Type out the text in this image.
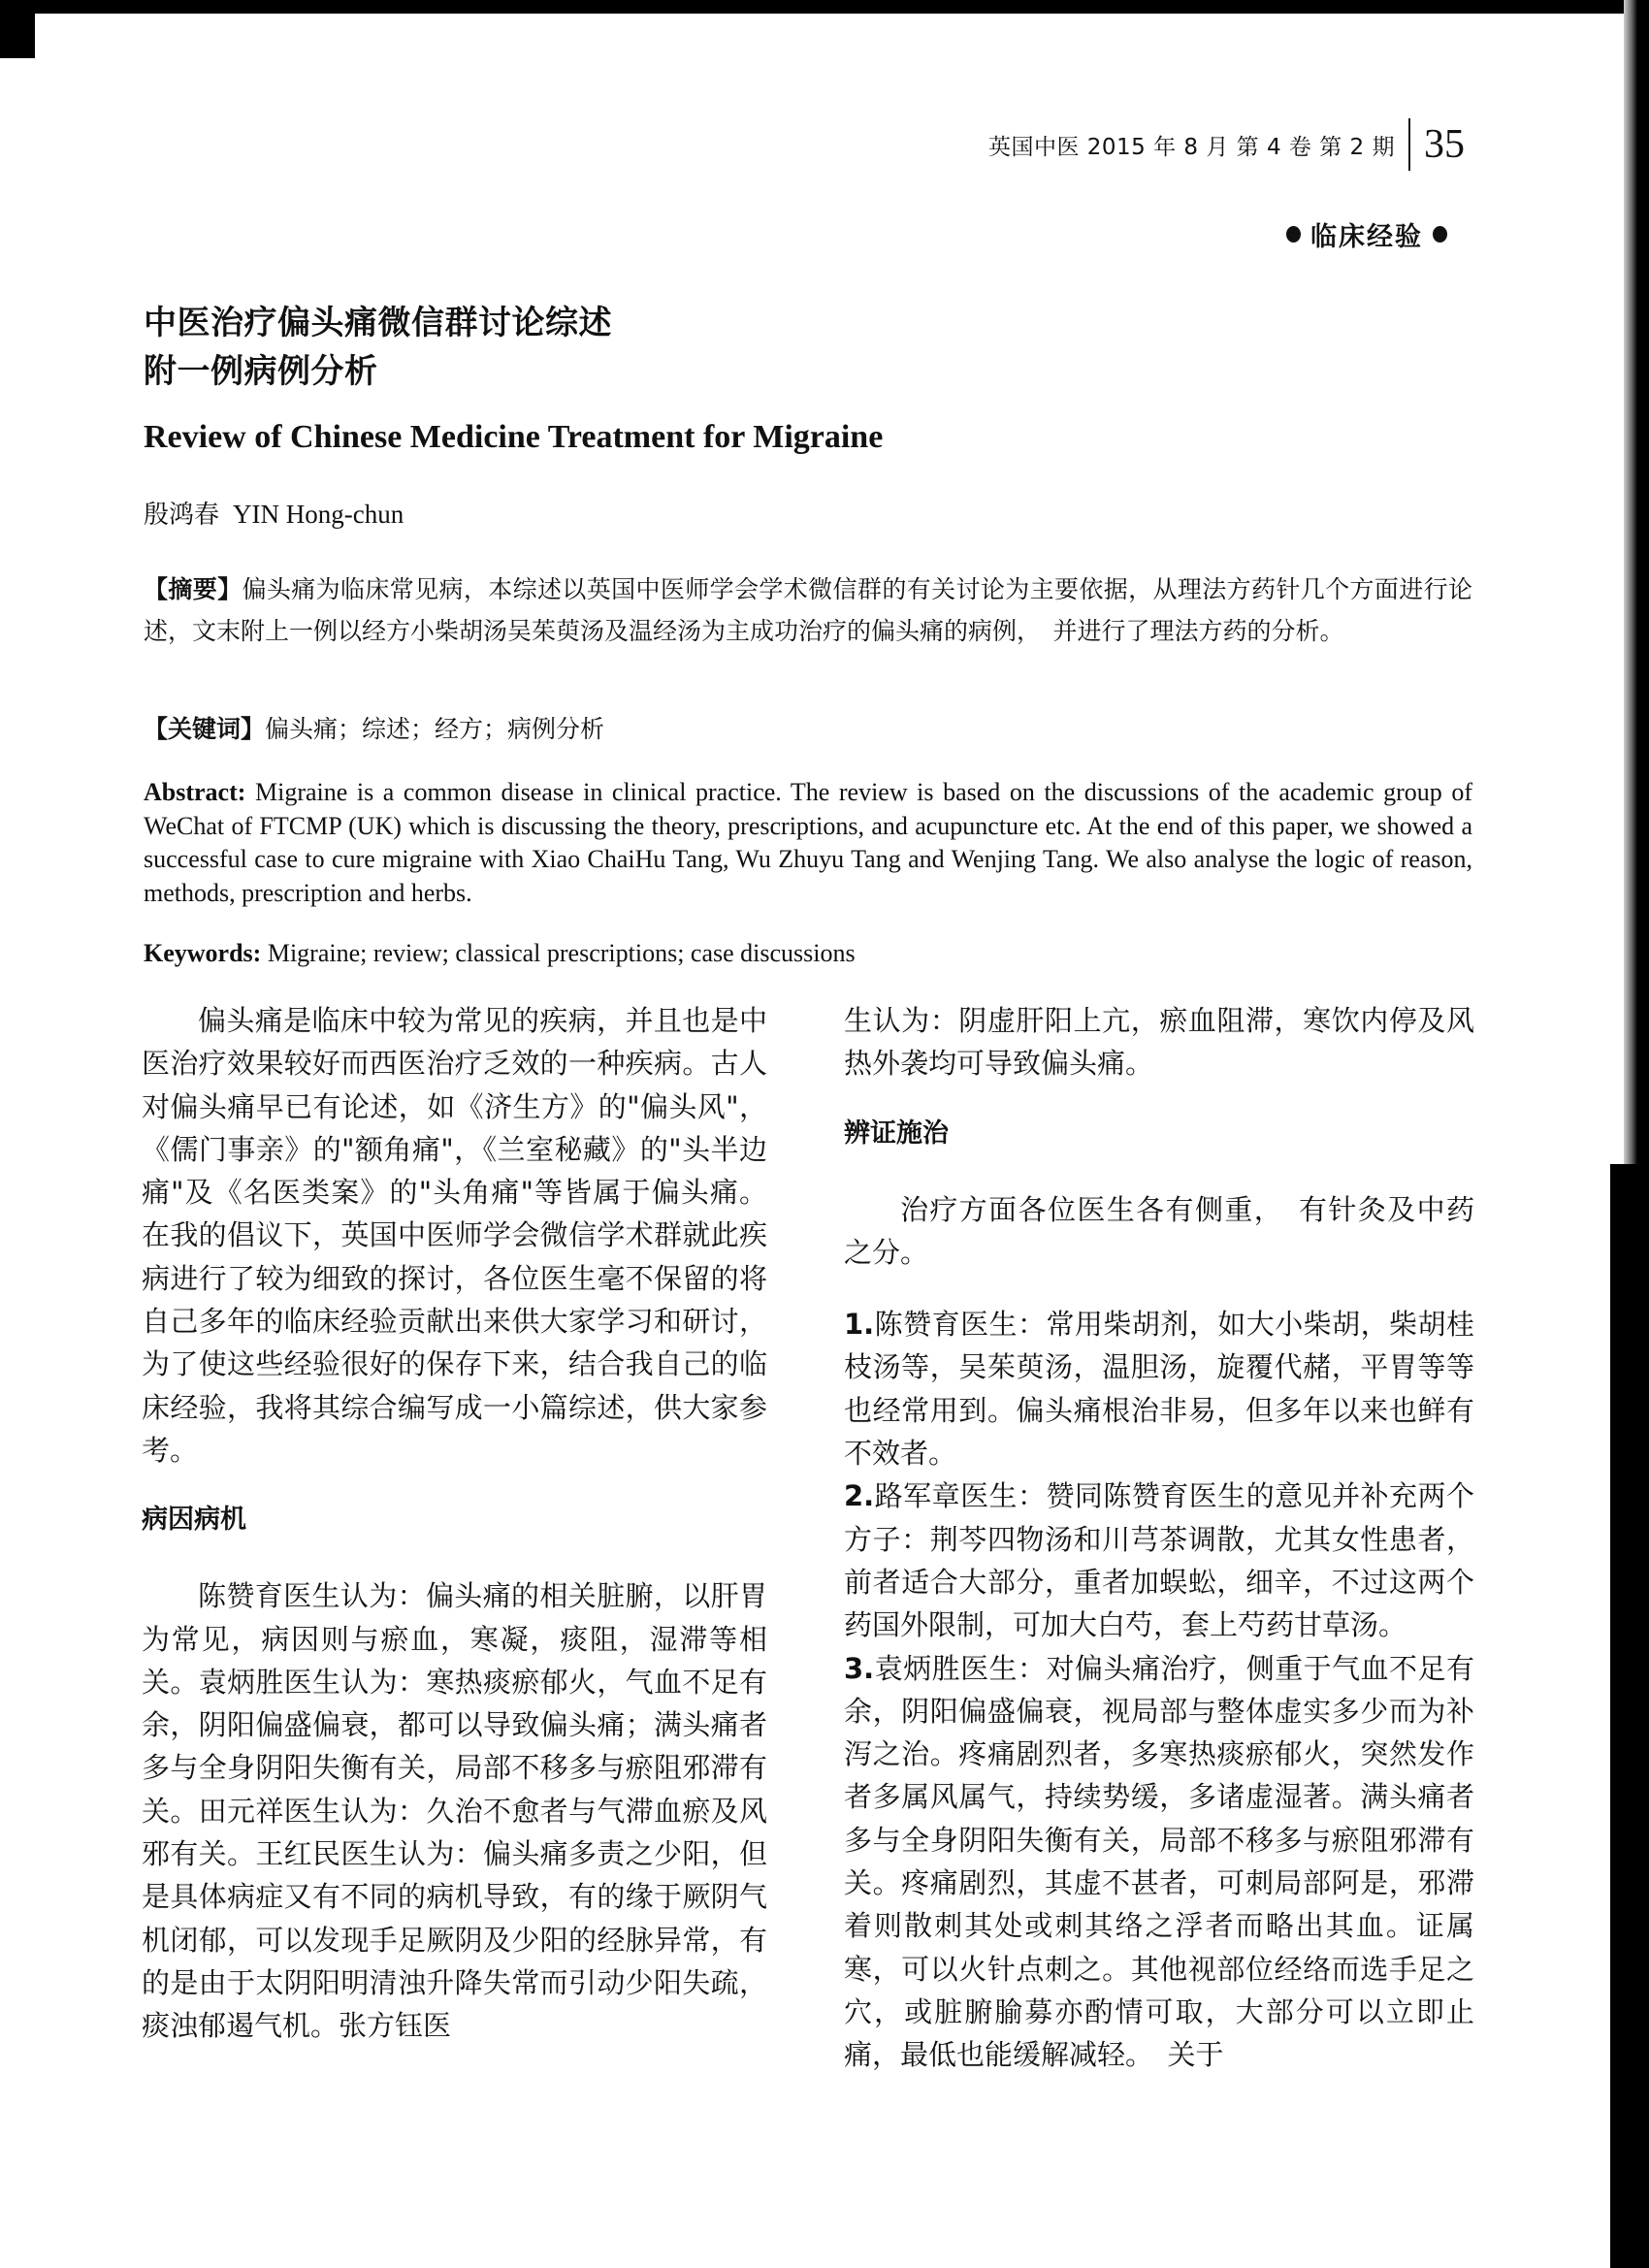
英国中医 2015 年 8 月 第 4 卷 第 2 期 35
临床经验
中医治疗偏头痛微信群讨论综述
附一例病例分析
Review of Chinese Medicine Treatment for Migraine
殷鸿春 YIN Hong-chun
【摘要】偏头痛为临床常见病，本综述以英国中医师学会学术微信群的有关讨论为主要依据，从理法方药针几个方面进行论述，文末附上一例以经方小柴胡汤吴茱萸汤及温经汤为主成功治疗的偏头痛的病例，　并进行了理法方药的分析。
【关键词】偏头痛；综述；经方；病例分析
Abstract: Migraine is a common disease in clinical practice. The review is based on the discussions of the academic group of WeChat of FTCMP (UK) which is discussing the theory, prescriptions, and acupuncture etc. At the end of this paper, we showed a successful case to cure migraine with Xiao ChaiHu Tang, Wu Zhuyu Tang and Wenjing Tang. We also analyse the logic of reason, methods, prescription and herbs.
Keywords: Migraine; review; classical prescriptions; case discussions

偏头痛是临床中较为常见的疾病，并且也是中医治疗效果较好而西医治疗乏效的一种疾病。古人对偏头痛早已有论述，如《济生方》的"偏头风"，《儒门事亲》的"额角痛"，《兰室秘藏》的"头半边痛"及《名医类案》的"头角痛"等皆属于偏头痛。在我的倡议下，英国中医师学会微信学术群就此疾病进行了较为细致的探讨，各位医生毫不保留的将自己多年的临床经验贡献出来供大家学习和研讨，为了使这些经验很好的保存下来，结合我自己的临床经验，我将其综合编写成一小篇综述，供大家参考。

病因病机

陈赞育医生认为：偏头痛的相关脏腑，以肝胃为常见，病因则与瘀血，寒凝，痰阻，湿滞等相关。袁炳胜医生认为：寒热痰瘀郁火，气血不足有余，阴阳偏盛偏衰，都可以导致偏头痛；满头痛者多与全身阴阳失衡有关，局部不移多与瘀阻邪滞有关。田元祥医生认为：久治不愈者与气滞血瘀及风邪有关。王红民医生认为：偏头痛多责之少阳，但是具体病症又有不同的病机导致，有的缘于厥阴气机闭郁，可以发现手足厥阴及少阳的经脉异常，有的是由于太阴阳明清浊升降失常而引动少阳失疏，痰浊郁遏气机。张方钰医

生认为：阴虚肝阳上亢，瘀血阻滞，寒饮内停及风热外袭均可导致偏头痛。

辨证施治

治疗方面各位医生各有侧重，　有针灸及中药之分。

1.陈赞育医生：常用柴胡剂，如大小柴胡，柴胡桂枝汤等，吴茱萸汤，温胆汤，旋覆代赭，平胃等等也经常用到。偏头痛根治非易，但多年以来也鲜有不效者。

2.路军章医生：赞同陈赞育医生的意见并补充两个方子：荆芩四物汤和川芎茶调散，尤其女性患者，前者适合大部分，重者加蜈蚣，细辛，不过这两个药国外限制，可加大白芍，套上芍药甘草汤。

3.袁炳胜医生：对偏头痛治疗，侧重于气血不足有余，阴阳偏盛偏衰，视局部与整体虚实多少而为补泻之治。疼痛剧烈者，多寒热痰瘀郁火，突然发作者多属风属气，持续势缓，多诸虚湿著。满头痛者多与全身阴阳失衡有关，局部不移多与瘀阻邪滞有关。疼痛剧烈，其虚不甚者，可刺局部阿是，邪滞着则散刺其处或刺其络之浮者而略出其血。证属寒，可以火针点刺之。其他视部位经络而选手足之穴，或脏腑腧募亦酌情可取，大部分可以立即止痛，最低也能缓解减轻。　关于
